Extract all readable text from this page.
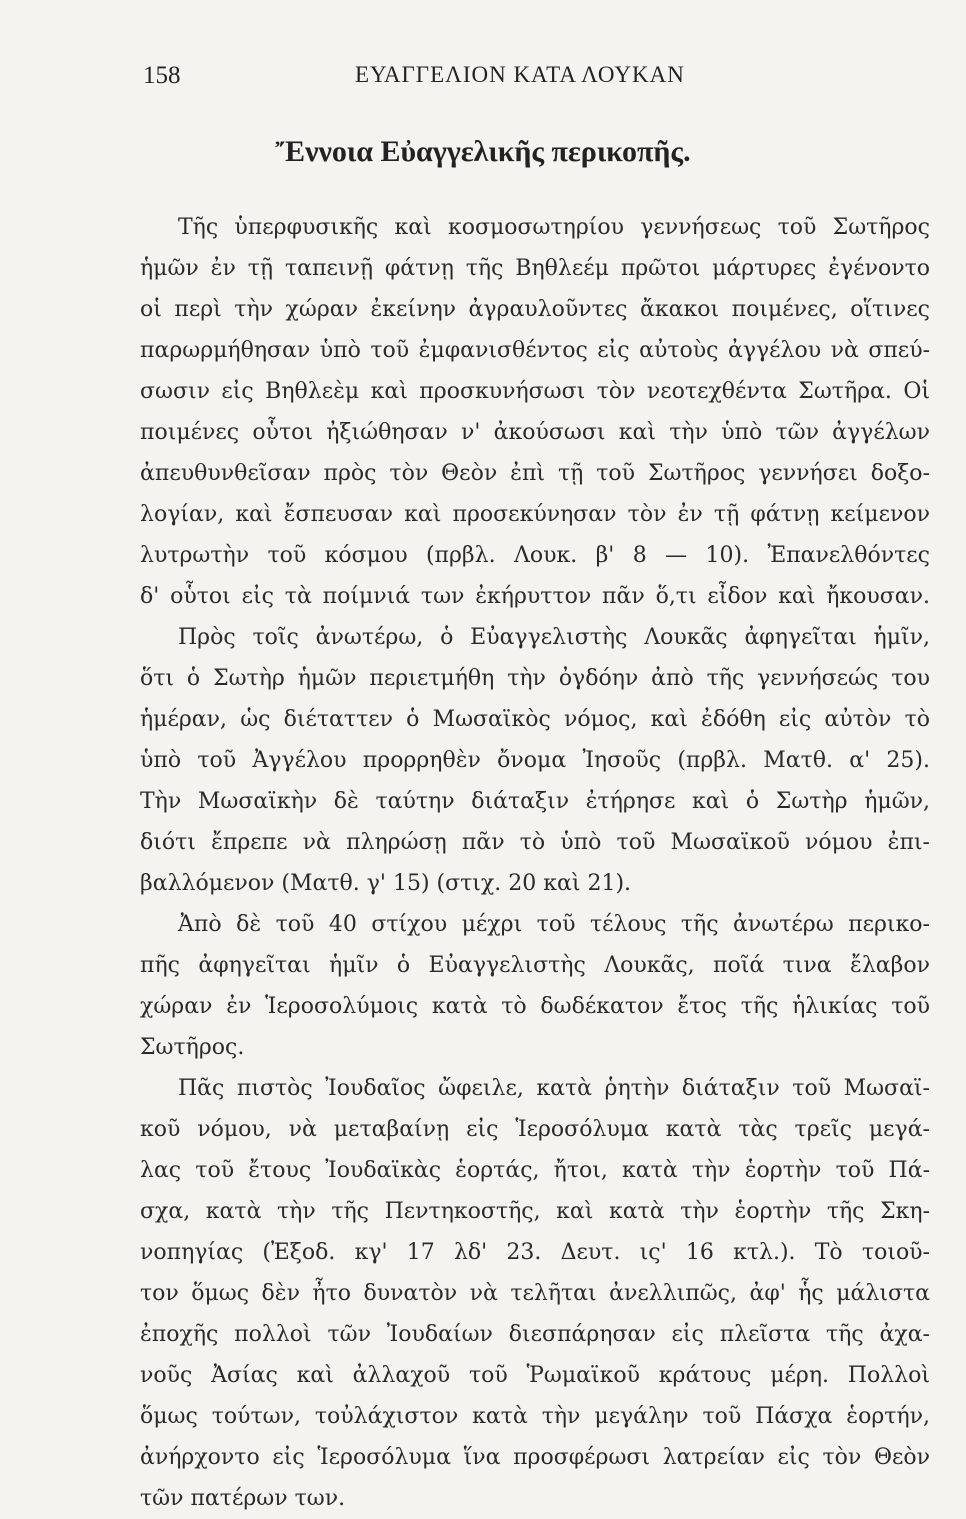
158	ΕΥΑΓΓΕΛΙΟΝ ΚΑΤΑ ΛΟΥΚΑΝ
Ἔννοια Εὐαγγελικῆς περικοπῆς.
Τῆς ὑπερφυσικῆς καὶ κοσμοσωτηρίου γεννήσεως τοῦ Σωτῆρος
ἡμῶν ἐν τῇ ταπεινῇ φάτνῃ τῆς Βηθλεέμ πρῶτοι μάρτυρες ἐγένοντο
οἱ περὶ τὴν χώραν ἐκείνην ἀγραυλοῦντες ἄκακοι ποιμένες, οἵτινες
παρωρμήθησαν ὑπὸ τοῦ ἐμφανισθέντος εἰς αὐτοὺς ἀγγέλου νὰ σπεύ-
σωσιν εἰς Βηθλεὲμ καὶ προσκυνήσωσι τὸν νεοτεχθέντα Σωτῆρα. Οἱ
ποιμένες οὗτοι ἠξιώθησαν ν' ἀκούσωσι καὶ τὴν ὑπὸ τῶν ἀγγέλων
ἀπευθυνθεῖσαν πρὸς τὸν Θεὸν ἐπὶ τῇ τοῦ Σωτῆρος γεννήσει δοξο-
λογίαν, καὶ ἔσπευσαν καὶ προσεκύνησαν τὸν ἐν τῇ φάτνῃ κείμενον
λυτρωτὴν τοῦ κόσμου (πρβλ. Λουκ. β' 8 — 10). Ἐπανελθόντες
δ' οὗτοι εἰς τὰ ποίμνιά των ἐκήρυττον πᾶν ὅ,τι εἶδον καὶ ἤκουσαν.
Πρὸς τοῖς ἀνωτέρω, ὁ Εὐαγγελιστὴς Λουκᾶς ἀφηγεῖται ἡμῖν,
ὅτι ὁ Σωτὴρ ἡμῶν περιετμήθη τὴν ὀγδόην ἀπὸ τῆς γεννήσεώς του
ἡμέραν, ὡς διέταττεν ὁ Μωσαϊκὸς νόμος, καὶ ἐδόθη εἰς αὐτὸν τὸ
ὑπὸ τοῦ Ἀγγέλου προρρηθὲν ὄνομα Ἰησοῦς (πρβλ. Ματθ. α' 25).
Τὴν Μωσαϊκὴν δὲ ταύτην διάταξιν ἐτήρησε καὶ ὁ Σωτὴρ ἡμῶν,
διότι ἔπρεπε νὰ πληρώσῃ πᾶν τὸ ὑπὸ τοῦ Μωσαϊκοῦ νόμου ἐπι-
βαλλόμενον (Ματθ. γ' 15) (στιχ. 20 καὶ 21).
Ἀπὸ δὲ τοῦ 40 στίχου μέχρι τοῦ τέλους τῆς ἀνωτέρω περικο-
πῆς ἀφηγεῖται ἡμῖν ὁ Εὐαγγελιστὴς Λουκᾶς, ποῖά τινα ἔλαβον
χώραν ἐν Ἱεροσολύμοις κατὰ τὸ δωδέκατον ἔτος τῆς ἡλικίας τοῦ
Σωτῆρος.
Πᾶς πιστὸς Ἰουδαῖος ὤφειλε, κατὰ ῥητὴν διάταξιν τοῦ Μωσαϊ-
κοῦ νόμου, νὰ μεταβαίνῃ εἰς Ἱεροσόλυμα κατὰ τὰς τρεῖς μεγά-
λας τοῦ ἔτους Ἰουδαϊκὰς ἑορτάς, ἤτοι, κατὰ τὴν ἑορτὴν τοῦ Πά-
σχα, κατὰ τὴν τῆς Πεντηκοστῆς, καὶ κατὰ τὴν ἑορτὴν τῆς Σκη-
νοπηγίας (Ἐξοδ. κγ' 17 λδ' 23. Δευτ. ις' 16 κτλ.). Τὸ τοιοῦ-
τον ὅμως δὲν ἦτο δυνατὸν νὰ τελῆται ἀνελλιπῶς, ἀφ' ἧς μάλιστα
ἐποχῆς πολλοὶ τῶν Ἰουδαίων διεσπάρησαν εἰς πλεῖστα τῆς ἀχα-
νοῦς Ἀσίας καὶ ἀλλαχοῦ τοῦ Ῥωμαϊκοῦ κράτους μέρη. Πολλοὶ
ὅμως τούτων, τοὐλάχιστον κατὰ τὴν μεγάλην τοῦ Πάσχα ἑορτήν,
ἀνήρχοντο εἰς Ἱεροσόλυμα ἵνα προσφέρωσι λατρείαν εἰς τὸν Θεὸν
τῶν πατέρων των.
